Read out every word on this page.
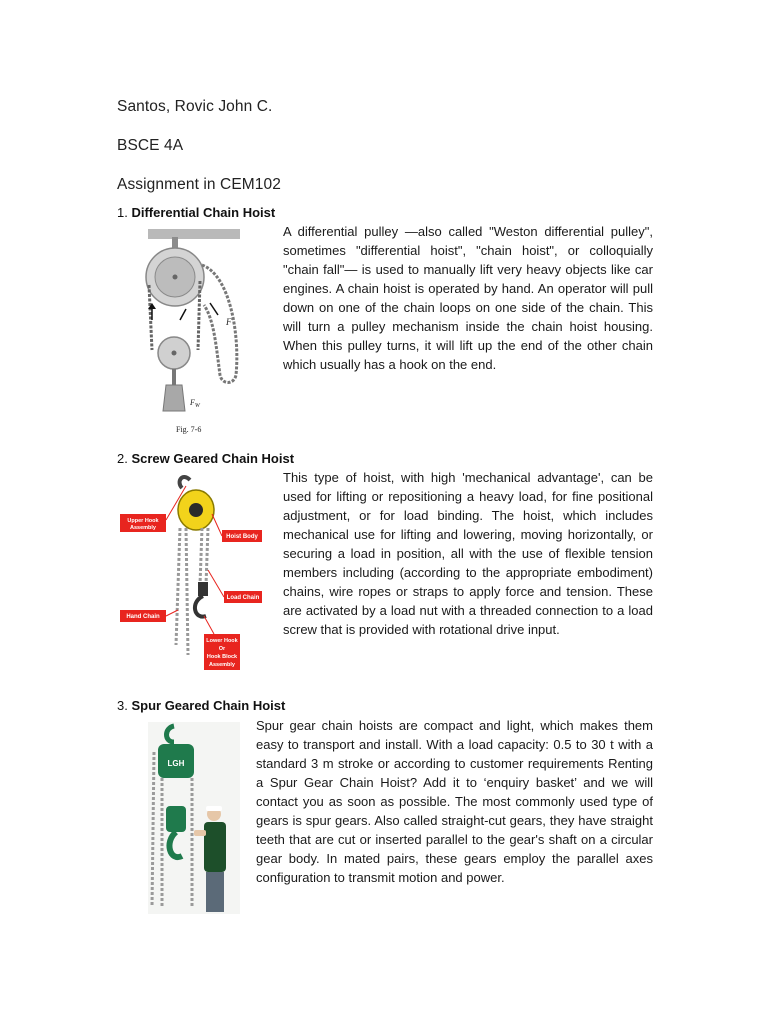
Santos, Rovic John C.
BSCE 4A
Assignment in CEM102
1. Differential Chain Hoist
F
$F_W$
Fig. 7-6

A differential pulley —also called "Weston differential pulley", sometimes "differential hoist", "chain hoist", or colloquially "chain fall"— is used to manually lift very heavy objects like car engines. A chain hoist is operated by hand. An operator will pull down on one of the chain loops on one side of the chain. This will turn a pulley mechanism inside the chain hoist housing. When this pulley turns, it will lift up the end of the other chain which usually has a hook on the end.

2. Screw Geared Chain Hoist
Upper Hook
Assembly
Hoist Body
Load Chain
Hand Chain
Lower Hook
Or
Hook Block
Assembly

This type of hoist, with high 'mechanical advantage', can be used for lifting or repositioning a heavy load, for fine positional adjustment, or for load binding. The hoist, which includes mechanical use for lifting and lowering, moving horizontally, or securing a load in position, all with the use of flexible tension members including (according to the appropriate embodiment) chains, wire ropes or straps to apply force and tension. These are activated by a load nut with a threaded connection to a load screw that is provided with rotational drive input.

3. Spur Geared Chain Hoist
LGH

Spur gear chain hoists are compact and light, which makes them easy to transport and install. With a load capacity: 0.5 to 30 t with a standard 3 m stroke or according to customer requirements Renting a Spur Gear Chain Hoist? Add it to ‘enquiry basket’ and we will contact you as soon as possible. The most commonly used type of gears is spur gears. Also called straight-cut gears, they have straight teeth that are cut or inserted parallel to the gear's shaft on a circular gear body. In mated pairs, these gears employ the parallel axes configuration to transmit motion and power.
